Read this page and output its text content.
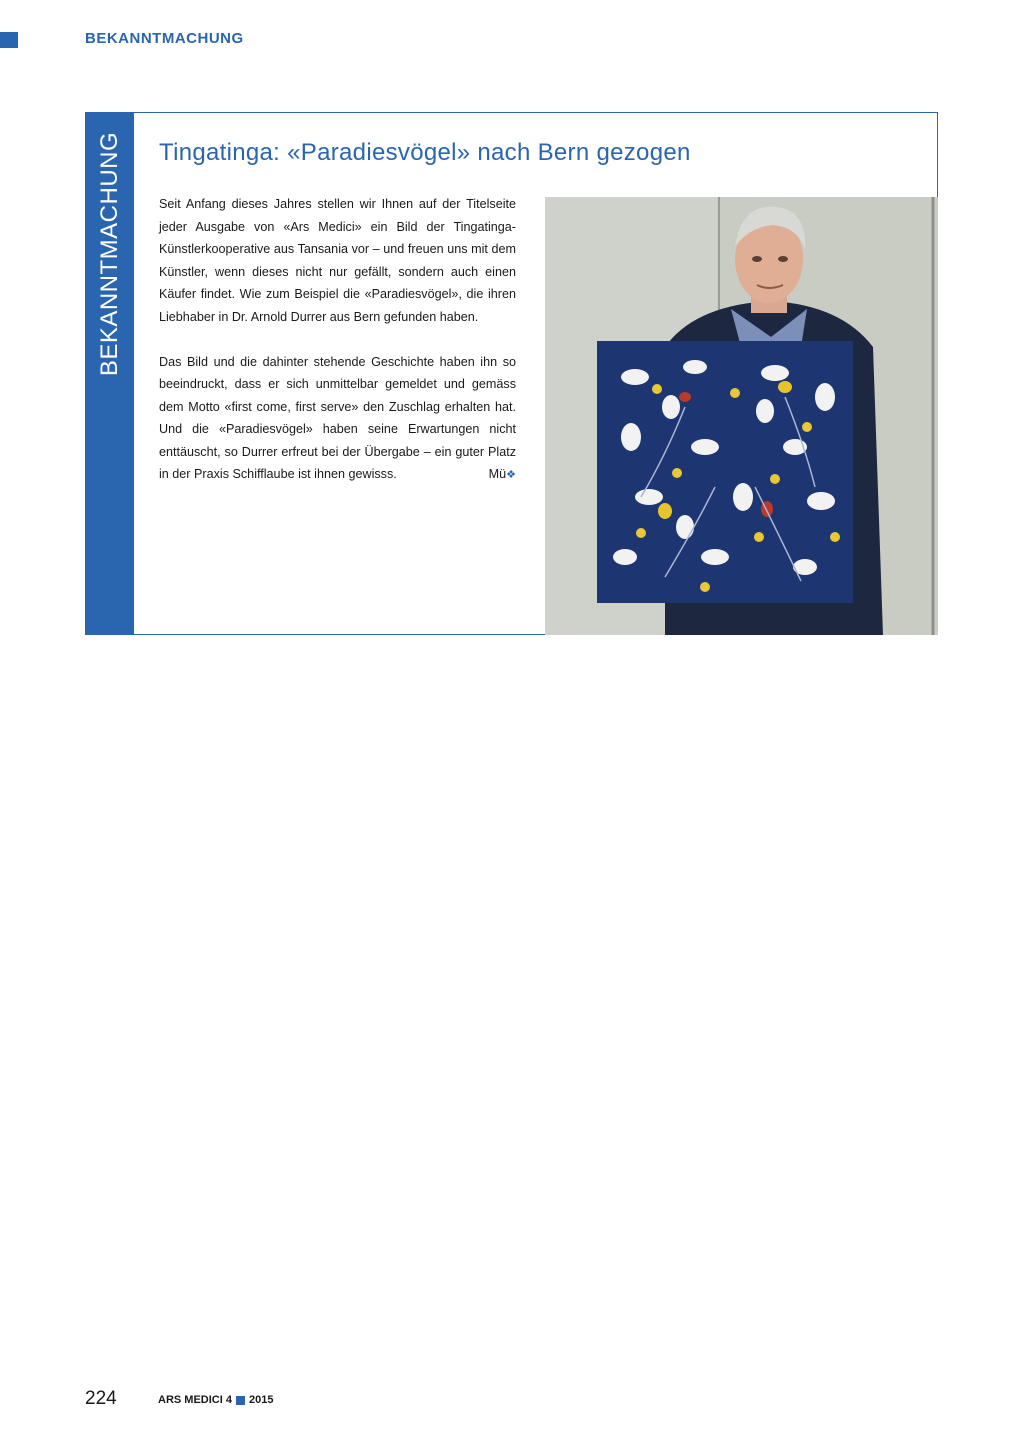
BEKANNTMACHUNG
BEKANNTMACHUNG Tingatinga: «Paradiesvögel» nach Bern gezogen

Seit Anfang dieses Jahres stellen wir Ihnen auf der Titelseite jeder Ausgabe von «Ars Medici» ein Bild der Tingatinga-Künstlerkooperative aus Tansania vor – und freuen uns mit dem Künstler, wenn dieses nicht nur gefällt, sondern auch einen Käufer findet. Wie zum Beispiel die «Paradiesvögel», die ihren Liebhaber in Dr. Arnold Durrer aus Bern gefunden haben.

Das Bild und die dahinter stehende Geschichte haben ihn so beeindruckt, dass er sich unmittelbar gemeldet und gemäss dem Motto «first come, first serve» den Zuschlag erhalten hat. Und die «Paradiesvögel» haben seine Erwartungen nicht enttäuscht, so Durrer erfreut bei der Übergabe – ein guter Platz in der Praxis Schifflaube ist ihnen gewisss.	Mü❖

224	ARS MEDICI 4 2015
